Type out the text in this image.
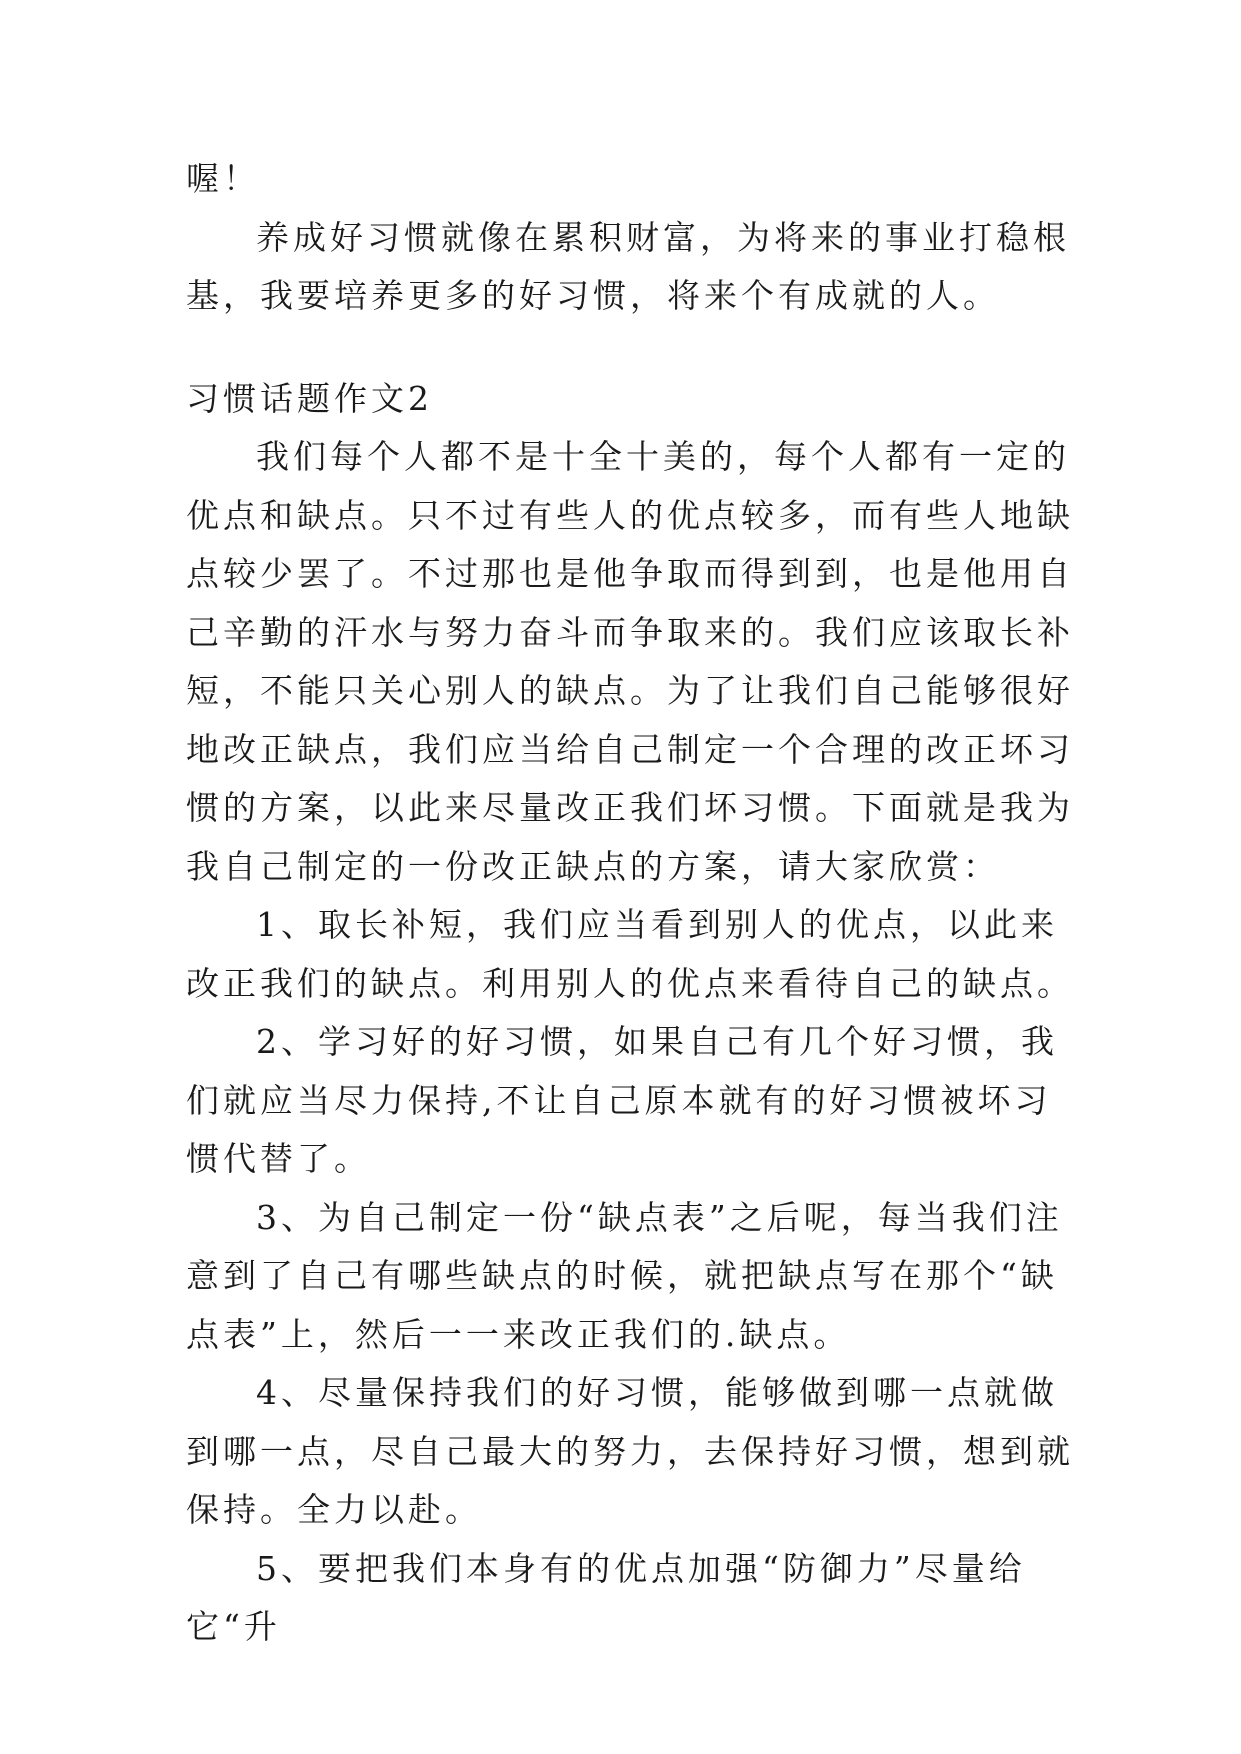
喔！

养成好习惯就像在累积财富，为将来的事业打稳根基，我要培养更多的好习惯，将来个有成就的人。

习惯话题作文2

我们每个人都不是十全十美的，每个人都有一定的优点和缺点。只不过有些人的优点较多，而有些人地缺点较少罢了。不过那也是他争取而得到到，也是他用自己辛勤的汗水与努力奋斗而争取来的。我们应该取长补短，不能只关心别人的缺点。为了让我们自己能够很好地改正缺点，我们应当给自己制定一个合理的改正坏习惯的方案，以此来尽量改正我们坏习惯。下面就是我为我自己制定的一份改正缺点的方案，请大家欣赏：

1、取长补短，我们应当看到别人的优点，以此来改正我们的缺点。利用别人的优点来看待自己的缺点。

2、学习好的好习惯，如果自己有几个好习惯，我们就应当尽力保持,不让自己原本就有的好习惯被坏习惯代替了。

3、为自己制定一份“缺点表”之后呢，每当我们注意到了自己有哪些缺点的时候，就把缺点写在那个“缺点表”上，然后一一来改正我们的.缺点。

4、尽量保持我们的好习惯，能够做到哪一点就做到哪一点，尽自己最大的努力，去保持好习惯，想到就保持。全力以赴。

5、要把我们本身有的优点加强“防御力”尽量给它“升
